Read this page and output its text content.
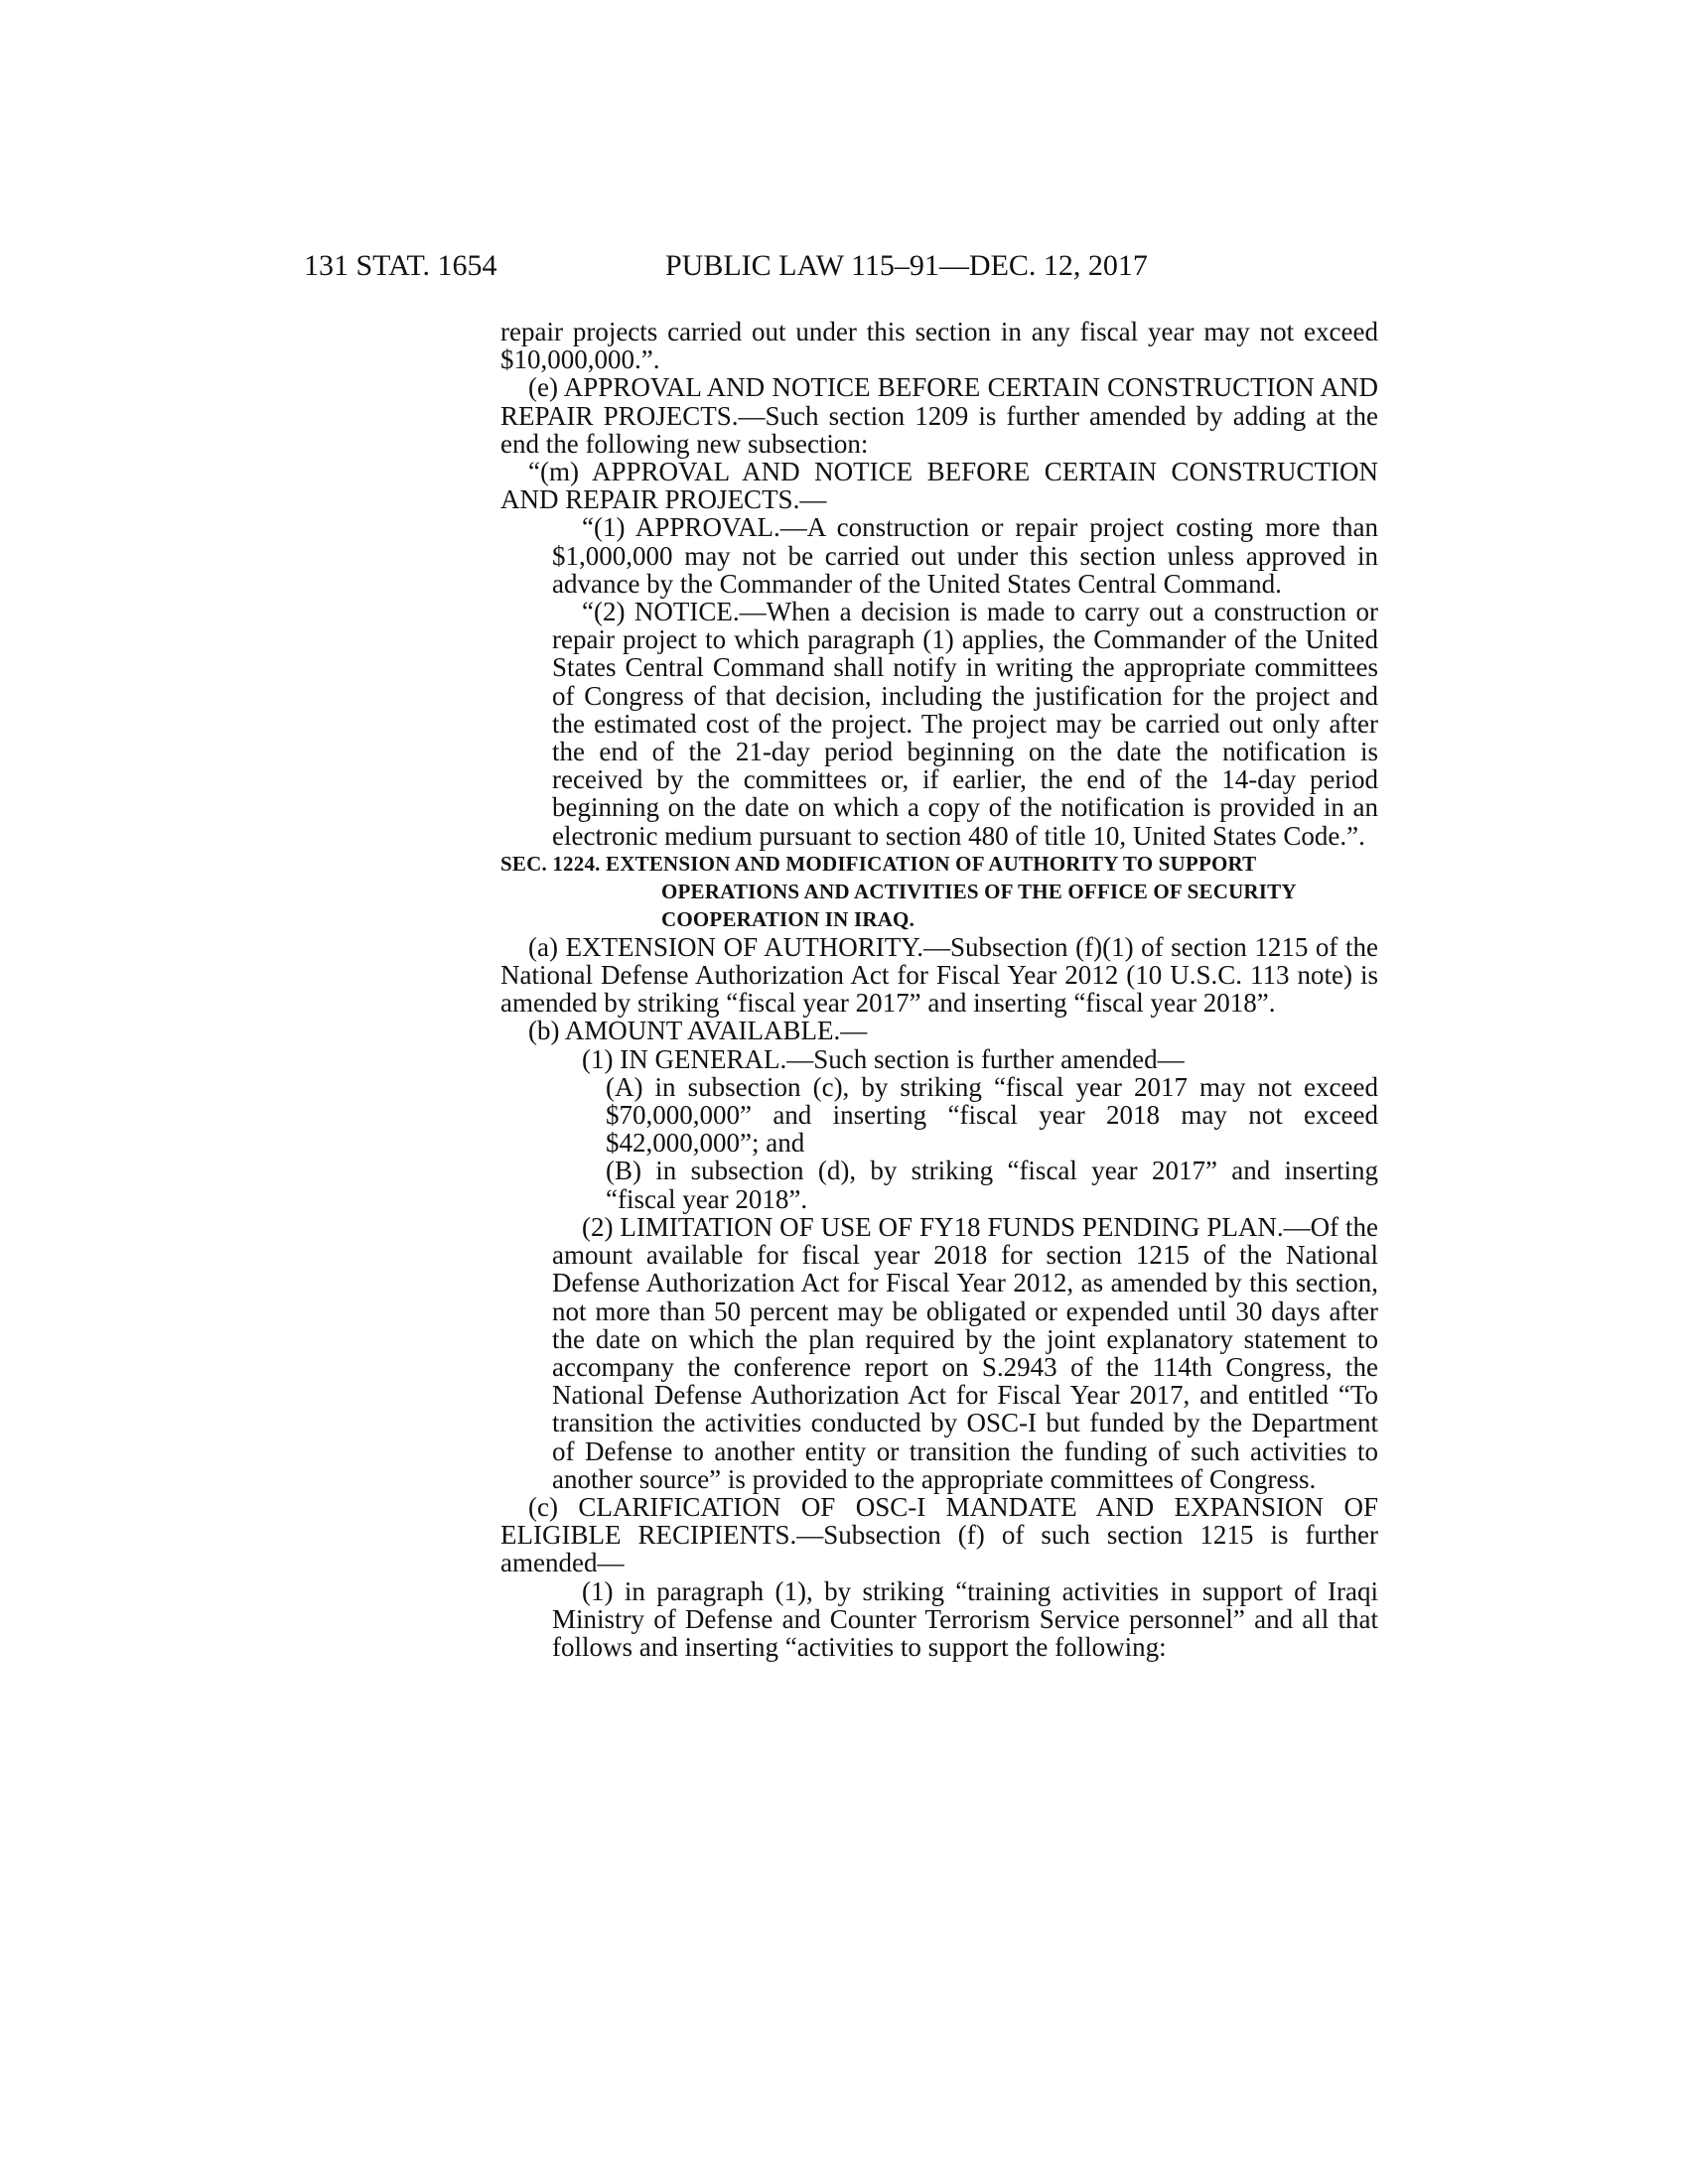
131 STAT. 1654	PUBLIC LAW 115–91—DEC. 12, 2017

repair projects carried out under this section in any fiscal year may not exceed $10,000,000.”.

(e) APPROVAL AND NOTICE BEFORE CERTAIN CONSTRUCTION AND REPAIR PROJECTS.—Such section 1209 is further amended by adding at the end the following new subsection:

“(m) APPROVAL AND NOTICE BEFORE CERTAIN CONSTRUCTION AND REPAIR PROJECTS.—

“(1) APPROVAL.—A construction or repair project costing more than $1,000,000 may not be carried out under this section unless approved in advance by the Commander of the United States Central Command.

“(2) NOTICE.—When a decision is made to carry out a construction or repair project to which paragraph (1) applies, the Commander of the United States Central Command shall notify in writing the appropriate committees of Congress of that decision, including the justification for the project and the estimated cost of the project. The project may be carried out only after the end of the 21-day period beginning on the date the notification is received by the committees or, if earlier, the end of the 14-day period beginning on the date on which a copy of the notification is provided in an electronic medium pursuant to section 480 of title 10, United States Code.”.

SEC. 1224. EXTENSION AND MODIFICATION OF AUTHORITY TO SUPPORT OPERATIONS AND ACTIVITIES OF THE OFFICE OF SECURITY COOPERATION IN IRAQ.

(a) EXTENSION OF AUTHORITY.—Subsection (f)(1) of section 1215 of the National Defense Authorization Act for Fiscal Year 2012 (10 U.S.C. 113 note) is amended by striking “fiscal year 2017” and inserting “fiscal year 2018”.

(b) AMOUNT AVAILABLE.—

(1) IN GENERAL.—Such section is further amended—

(A) in subsection (c), by striking “fiscal year 2017 may not exceed $70,000,000” and inserting “fiscal year 2018 may not exceed $42,000,000”; and

(B) in subsection (d), by striking “fiscal year 2017” and inserting “fiscal year 2018”.

(2) LIMITATION OF USE OF FY18 FUNDS PENDING PLAN.—Of the amount available for fiscal year 2018 for section 1215 of the National Defense Authorization Act for Fiscal Year 2012, as amended by this section, not more than 50 percent may be obligated or expended until 30 days after the date on which the plan required by the joint explanatory statement to accompany the conference report on S.2943 of the 114th Congress, the National Defense Authorization Act for Fiscal Year 2017, and entitled “To transition the activities conducted by OSC-I but funded by the Department of Defense to another entity or transition the funding of such activities to another source” is provided to the appropriate committees of Congress.

(c) CLARIFICATION OF OSC-I MANDATE AND EXPANSION OF ELIGIBLE RECIPIENTS.—Subsection (f) of such section 1215 is further amended—

(1) in paragraph (1), by striking “training activities in support of Iraqi Ministry of Defense and Counter Terrorism Service personnel” and all that follows and inserting “activities to support the following:
